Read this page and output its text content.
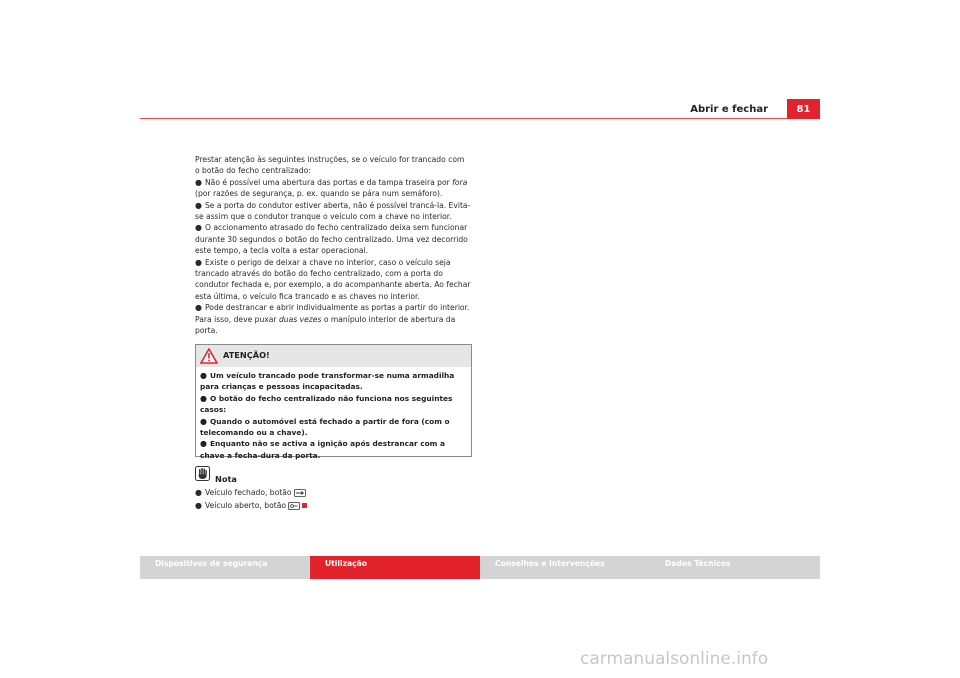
Abrir e fechar	81

Prestar atenção às seguintes instruções, se o veículo for trancado com o botão do fecho centralizado:

● Não é possível uma abertura das portas e da tampa traseira por fora (por razões de segurança, p. ex. quando se pára num semáforo).

● Se a porta do condutor estiver aberta, não é possível trancá-la. Evita-se assim que o condutor tranque o veículo com a chave no interior.

● O accionamento atrasado do fecho centralizado deixa sem funcionar durante 30 segundos o botão do fecho centralizado. Uma vez decorrido este tempo, a tecla volta a estar operacional.

● Existe o perigo de deixar a chave no interior, caso o veículo seja trancado através do botão do fecho centralizado, com a porta do condutor fechada e, por exemplo, a do acompanhante aberta. Ao fechar esta última, o veículo fica trancado e as chaves no interior.

● Pode destrancar e abrir individualmente as portas a partir do interior. Para isso, deve puxar duas vezes o manípulo interior de abertura da porta.

ATENÇÃO!

● Um veículo trancado pode transformar-se numa armadilha para crianças e pessoas incapacitadas.

● O botão do fecho centralizado não funciona nos seguintes casos:

● Quando o automóvel está fechado a partir de fora (com o telecomando ou a chave).

● Enquanto não se activa a ignição após destrancar com a chave a fecha-dura da porta.

Nota
● Veículo fechado, botão
● Veículo aberto, botão
Dispositivos de segurança	Utilização	Conselhos e Intervenções	Dados Técnicos
carmanualsonline.info
